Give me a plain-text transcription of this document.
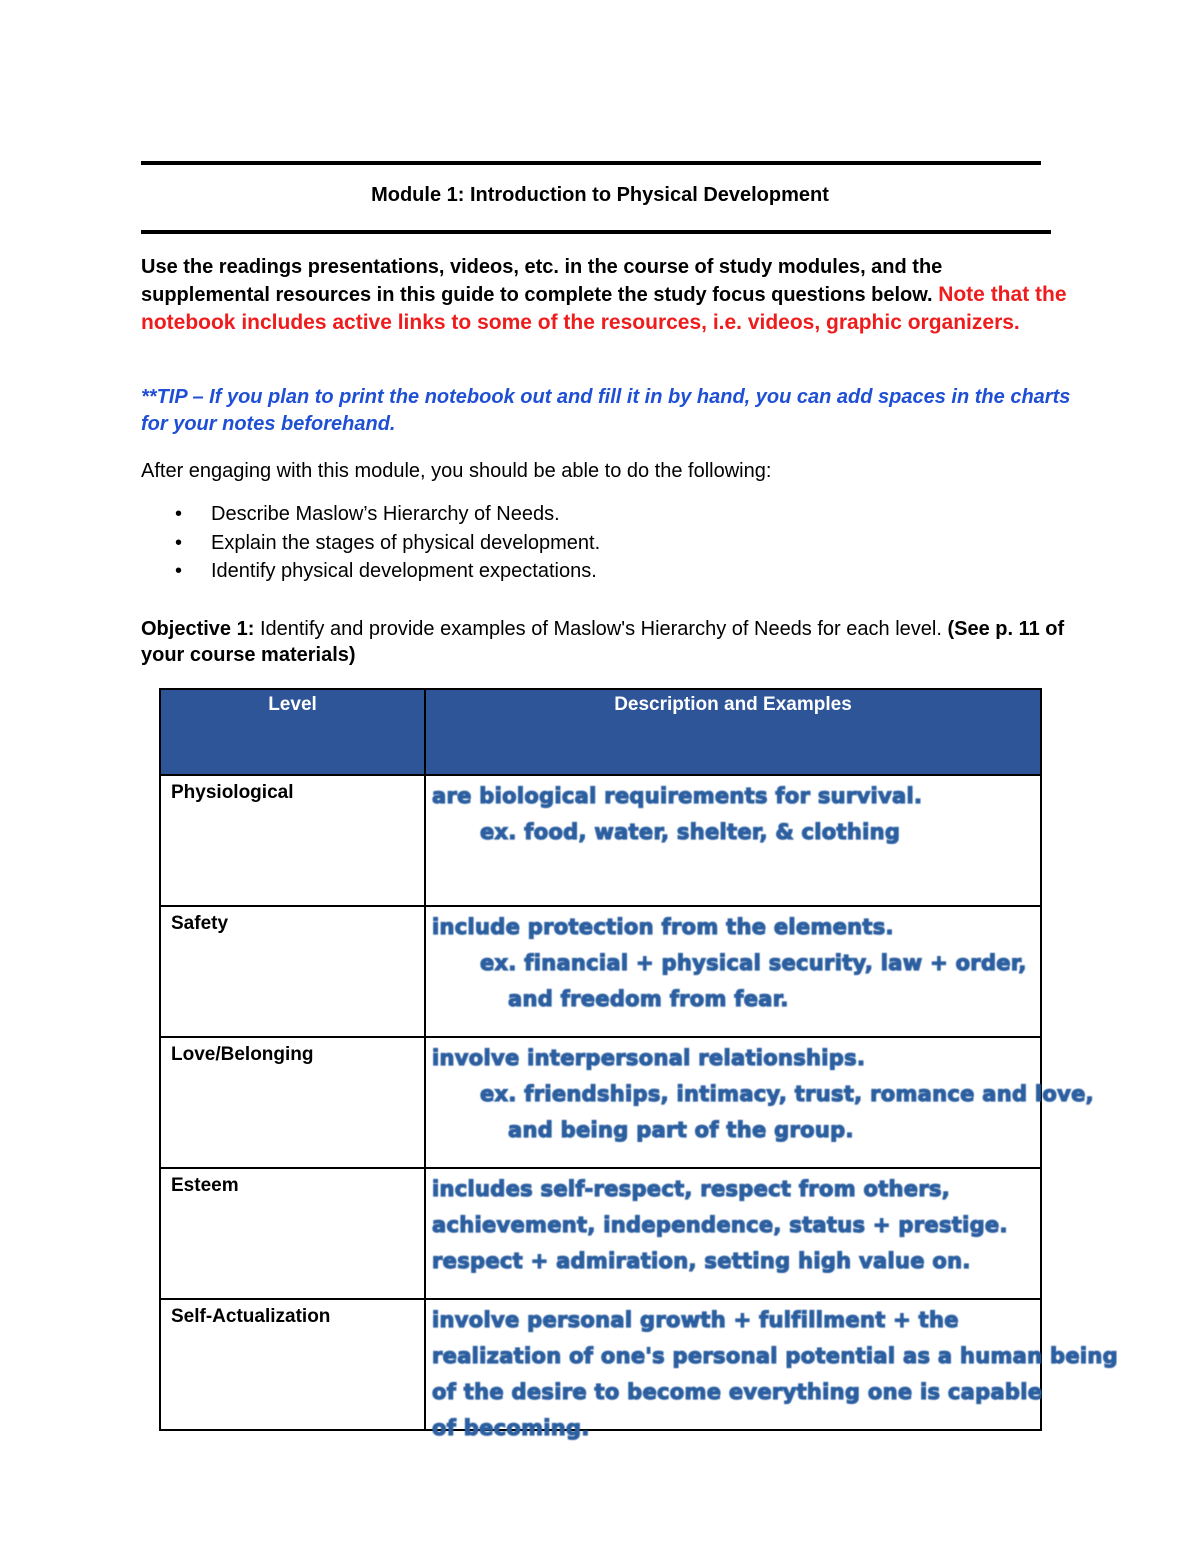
Module 1: Introduction to Physical Development
Use the readings presentations, videos, etc. in the course of study modules, and the supplemental resources in this guide to complete the study focus questions below. Note that the notebook includes active links to some of the resources, i.e. videos, graphic organizers.
**TIP – If you plan to print the notebook out and fill it in by hand, you can add spaces in the charts for your notes beforehand.
After engaging with this module, you should be able to do the following:
• Describe Maslow’s Hierarchy of Needs.
• Explain the stages of physical development.
• Identify physical development expectations.
Objective 1: Identify and provide examples of Maslow's Hierarchy of Needs for each level. (See p. 11 of your course materials)
Level	Description and Examples
Physiological	are biological requirements for survival.
ex. food, water, shelter, & clothing

Safety	include protection from the elements.
ex. financial + physical security, law + order,
and freedom from fear.

Love/Belonging	involve interpersonal relationships.
ex. friendships, intimacy, trust, romance and love,
and being part of the group.

Esteem	includes self-respect, respect from others,
achievement, independence, status + prestige.
respect + admiration, setting high value on.

Self-Actualization	involve personal growth + fulfillment + the
realization of one's personal potential as a human being
of the desire to become everything one is capable
of becoming.
